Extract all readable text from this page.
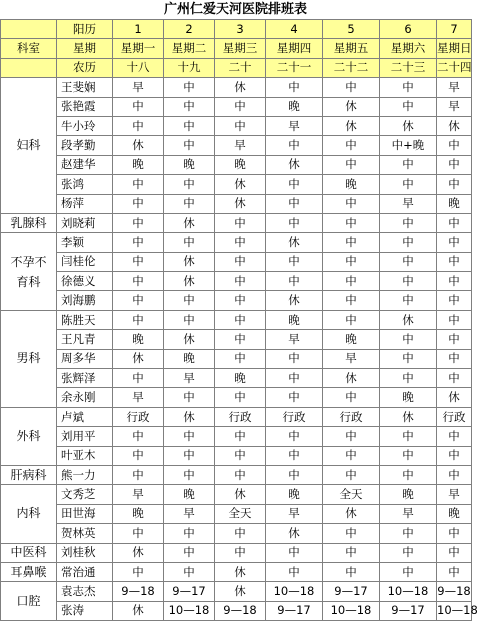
广州仁爱天河医院排班表
	阳历	1	2	3	4	5	6	7
科室	星期	星期一	星期二	星期三	星期四	星期五	星期六	星期日
	农历	十八	十九	二十	二十一	二十二	二十三	二十四
妇科	王斐娴	早	中	休	中	中	中	早
	张艳霞	中	中	中	晚	休	中	早
	牛小玲	中	中	中	早	休	休	休
	段孝勤	休	中	早	中	中	中+晚	中
	赵建华	晚	晚	晚	休	中	中	中
	张鸿	中	中	休	中	晚	中	中
	杨萍	中	中	休	中	中	早	晚
乳腺科	刘晓莉	中	休	中	中	中	中	中
不孕不育科	李颖	中	中	中	休	中	中	中
	闫桂伦	中	休	中	中	中	中	中
	徐德义	中	休	中	中	中	中	中
	刘海鹏	中	中	中	休	中	中	中
男科	陈胜天	中	中	中	晚	中	休	中
	王凡青	晚	休	中	早	晚	中	中
	周多华	休	晚	中	中	早	中	中
	张辉泽	中	早	晚	中	休	中	中
	余永刚	早	中	中	中	中	晚	休
外科	卢斌	行政	休	行政	行政	行政	休	行政
	刘用平	中	中	中	中	中	中	中
	叶亚木	中	中	中	中	中	中	中
肝病科	熊一力	中	中	中	中	中	中	中
内科	文秀芝	早	晚	休	晚	全天	晚	早
	田世海	晚	早	全天	早	休	早	晚
	贺林英	中	中	中	休	中	中	中
中医科	刘桂秋	休	中	中	中	中	中	中
耳鼻喉	常治通	中	中	休	中	中	中	中
口腔	袁志杰	9—18	9—17	休	10—18	9—17	10—18	9—18
	张涛	休	10—18	9—18	9—17	10—18	9—17	10—18
